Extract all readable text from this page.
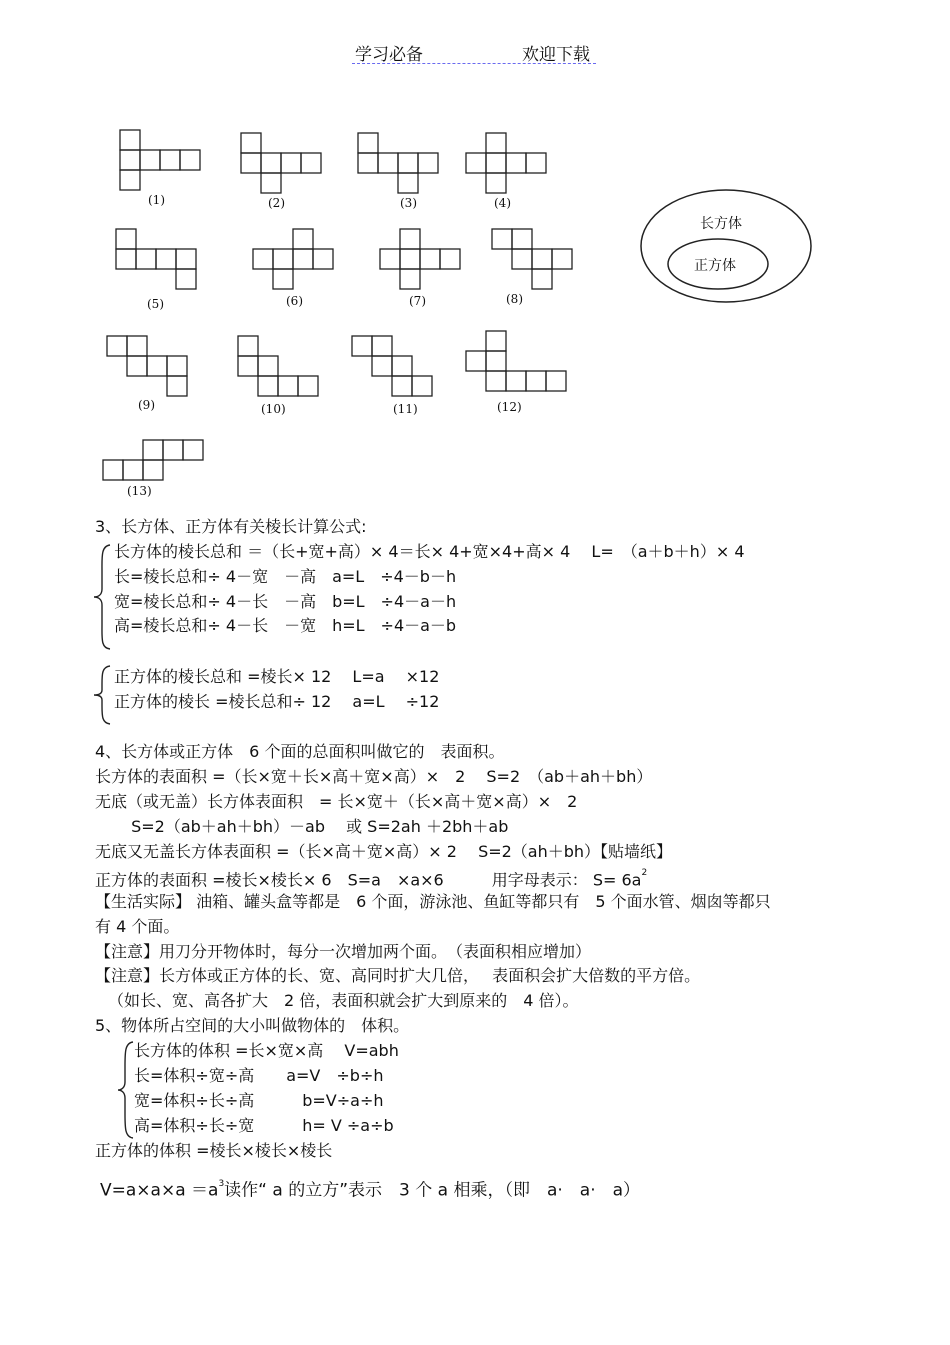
学习必备	欢迎下载
长方体
正方体
(1)	(2)	(3)	(4)
(5)	(6)	(7)	(8)
(9)	(10)	(11)	(12)
(13)
3、长方体、正方体有关棱长计算公式:
长方体的棱长总和 ＝（长+宽+高）× 4＝长× 4+宽×4+高× 4　 L=　（a＋b＋h）× 4
长=棱长总和÷ 4－宽　－高　a=L　÷4－b－h
宽=棱长总和÷ 4－长　－高　b=L　÷4－a－h
高=棱长总和÷ 4－长　－宽　h=L　÷4－a－b
正方体的棱长总和 =棱长× 12　 L=a　 ×12
正方体的棱长 =棱长总和÷ 12　 a=L　 ÷12
4、长方体或正方体　6 个面的总面积叫做它的　表面积。
长方体的表面积 =（长×宽＋长×高＋宽×高）×　2　 S=2　（ab＋ah＋bh）
无底（或无盖）长方体表面积　= 长×宽＋（长×高＋宽×高）×　2
　 S=2（ab＋ah＋bh）－ab　 或 S=2ah ＋2bh＋ab
无底又无盖长方体表面积 =（长×高＋宽×高）× 2　 S=2（ah＋bh）【贴墙纸】
正方体的表面积 =棱长×棱长× 6　S=a　×a×6　　　用字母表示： $S= 6a^2$
【生活实际】 油箱、罐头盒等都是　6 个面，游泳池、鱼缸等都只有　5 个面水管、烟囱等都只
有 4 个面。
【注意】用刀分开物体时，每分一次增加两个面。　（表面积相应增加）
【注意】长方体或正方体的长、宽、高同时扩大几倍，　 表面积会扩大倍数的平方倍。
　（如长、宽、高各扩大　2 倍，表面积就会扩大到原来的　4 倍）。
5、物体所占空间的大小叫做物体的　体积。
长方体的体积 =长×宽×高　 V=abh
长=体积÷宽÷高　　a=V　÷b÷h
宽=体积÷长÷高　　　b=V÷a÷h
高=体积÷长÷宽　　　h= V ÷a÷b
正方体的体积 =棱长×棱长×棱长
$V=a\times a\times a =a^3$读作“ a 的立方”表示　3 个 a 相乘，（即　a·　a·　a）
